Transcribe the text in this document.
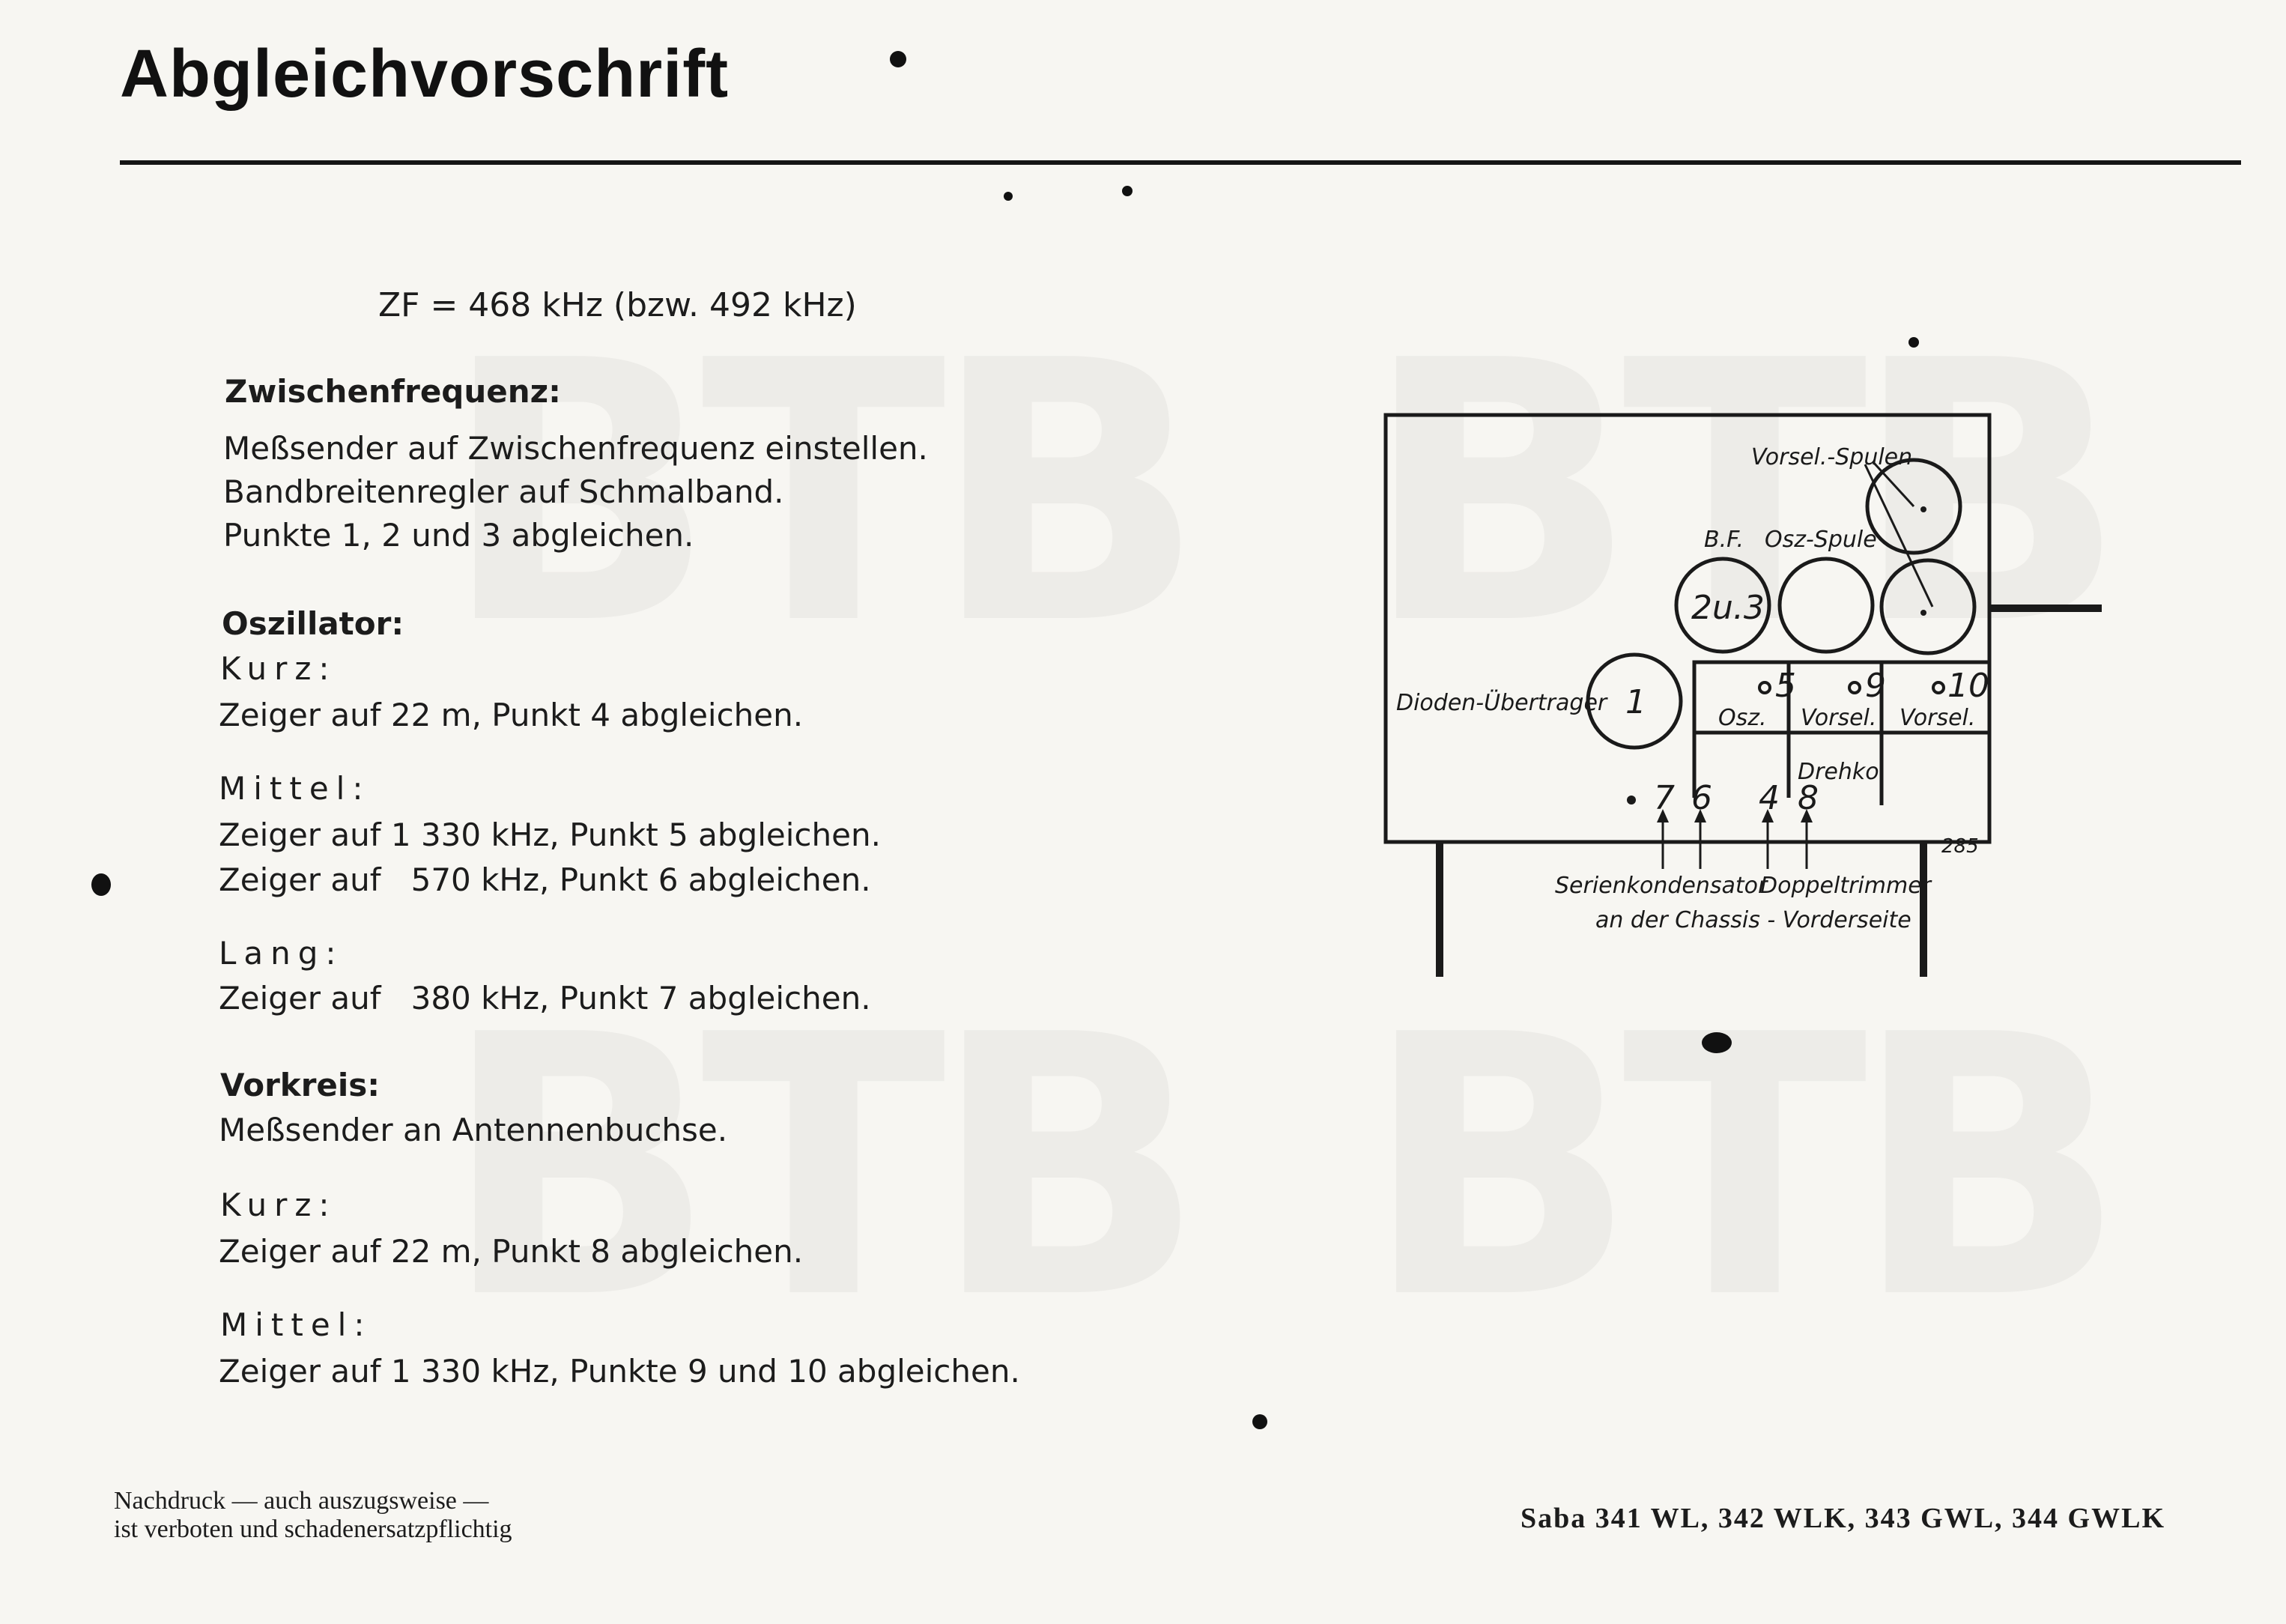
Abgleichvorschrift
ZF = 468 kHz (bzw. 492 kHz)
Zwischenfrequenz:
Meßsender auf Zwischenfrequenz einstellen.
Bandbreitenregler auf Schmalband.
Punkte 1, 2 und 3 abgleichen.
Oszillator:
Kurz:
Zeiger auf 22 m, Punkt 4 abgleichen.
Mittel:
Zeiger auf 1 330 kHz, Punkt 5 abgleichen.
Zeiger auf   570 kHz, Punkt 6 abgleichen.
Lang:
Zeiger auf   380 kHz, Punkt 7 abgleichen.
Vorkreis:
Meßsender an Antennenbuchse.
Kurz:
Zeiger auf 22 m, Punkt 8 abgleichen.
Mittel:
Zeiger auf 1 330 kHz, Punkte 9 und 10 abgleichen.
Vorsel.-Spulen
B.F. Osz-Spule
2u.3
Dioden-Übertrager 1	5 9 10
Osz. Vorsel. Vorsel.
Drehko
7 6 4 8
285
Serienkondensator
Doppeltrimmer
an der Chassis - Vorderseite
Nachdruck — auch auszugsweise —
ist verboten und schadenersatzpflichtig	Saba 341 WL, 342 WLK, 343 GWL, 344 GWLK
